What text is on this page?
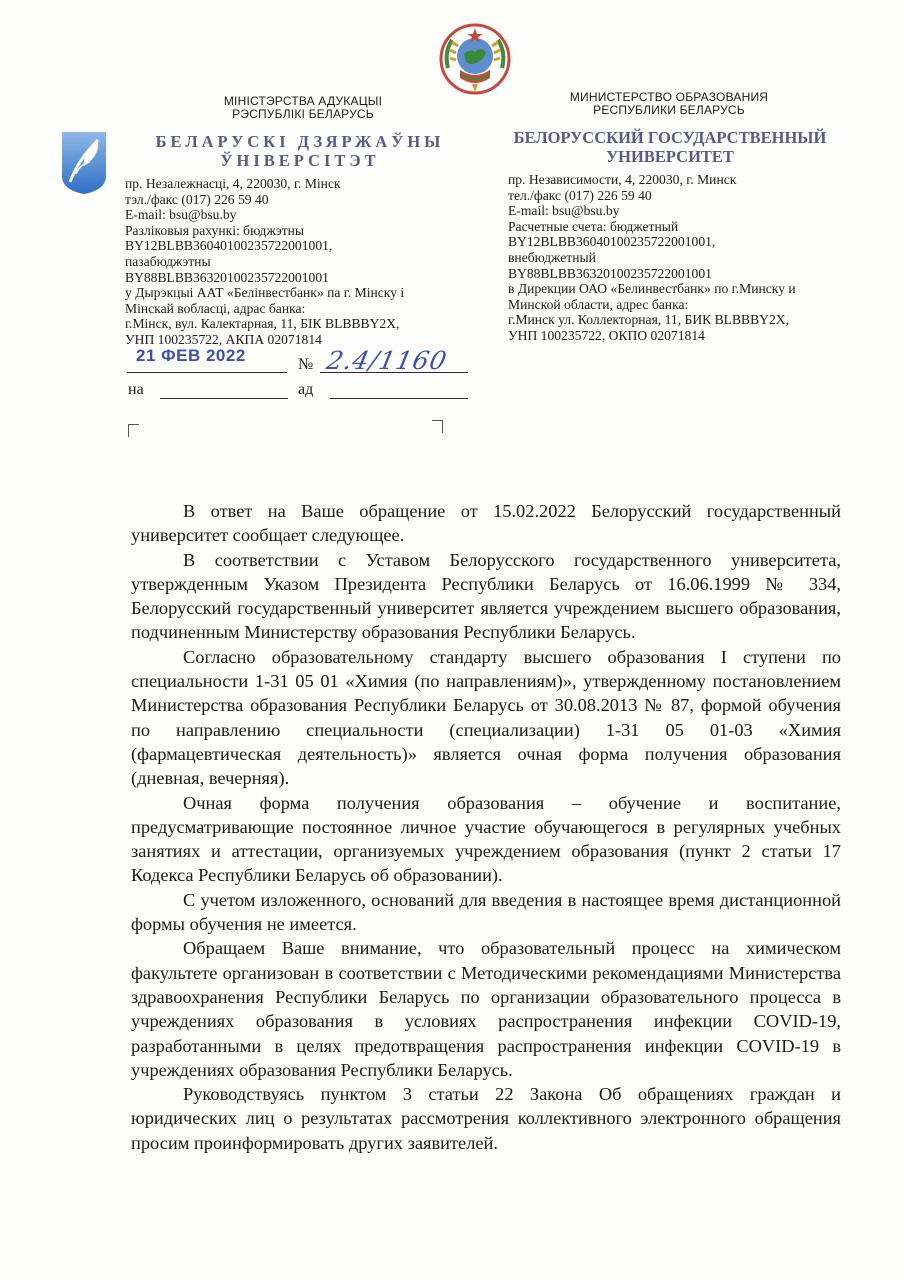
МІНІСТЭРСТВА АДУКАЦЫІ
РЭСПУБЛІКІ БЕЛАРУСЬ
МИНИСТЕРСТВО ОБРАЗОВАНИЯ
РЕСПУБЛИКИ БЕЛАРУСЬ
БЕЛАРУСКІ ДЗЯРЖАЎНЫ
ЎНІВЕРСІТЭТ
БЕЛОРУССКИЙ ГОСУДАРСТВЕННЫЙ
УНИВЕРСИТЕТ
пр. Незалежнасці, 4, 220030, г. Мінск
тэл./факс (017) 226 59 40
E-mail: bsu@bsu.by
Разліковыя рахункі: бюджэтны
BY12BLBB36040100235722001001,
пазабюджэтны
BY88BLBB36320100235722001001
у Дырэкцыі ААТ «Белінвестбанк» па г. Мінску і
Мінскай вобласці, адрас банка:
г.Мінск, вул. Калектарная, 11, БІК BLBBBY2X,
УНП 100235722, АКПА 02071814
пр. Независимости, 4, 220030, г. Минск
тел./факс (017) 226 59 40
E-mail: bsu@bsu.by
Расчетные счета: бюджетный
BY12BLBB36040100235722001001,
внебюджетный
BY88BLBB36320100235722001001
в Дирекции ОАО «Белинвестбанк» по г.Минску и
Минской области, адрес банка:
г.Минск ул. Коллекторная, 11, БИК BLBBBY2X,
УНП 100235722, ОКПО 02071814
21 ФЕВ 2022	№ 2.4/1160
на	ад

В ответ на Ваше обращение от 15.02.2022 Белорусский государственный университет сообщает следующее.

В соответствии с Уставом Белорусского государственного университета, утвержденным Указом Президента Республики Беларусь от 16.06.1999 № 334, Белорусский государственный университет является учреждением высшего образования, подчиненным Министерству образования Республики Беларусь.

Согласно образовательному стандарту высшего образования I ступени по специальности 1-31 05 01 «Химия (по направлениям)», утвержденному постановлением Министерства образования Республики Беларусь от 30.08.2013 № 87, формой обучения по направлению специальности (специализации) 1-31 05 01-03 «Химия (фармацевтическая деятельность)» является очная форма получения образования (дневная, вечерняя).

Очная форма получения образования – обучение и воспитание, предусматривающие постоянное личное участие обучающегося в регулярных учебных занятиях и аттестации, организуемых учреждением образования (пункт 2 статьи 17 Кодекса Республики Беларусь об образовании).

С учетом изложенного, оснований для введения в настоящее время дистанционной формы обучения не имеется.

Обращаем Ваше внимание, что образовательный процесс на химическом факультете организован в соответствии с Методическими рекомендациями Министерства здравоохранения Республики Беларусь по организации образовательного процесса в учреждениях образования в условиях распространения инфекции COVID-19, разработанными в целях предотвращения распространения инфекции COVID-19 в учреждениях образования Республики Беларусь.

Руководствуясь пунктом 3 статьи 22 Закона Об обращениях граждан и юридических лиц о результатах рассмотрения коллективного электронного обращения просим проинформировать других заявителей.
